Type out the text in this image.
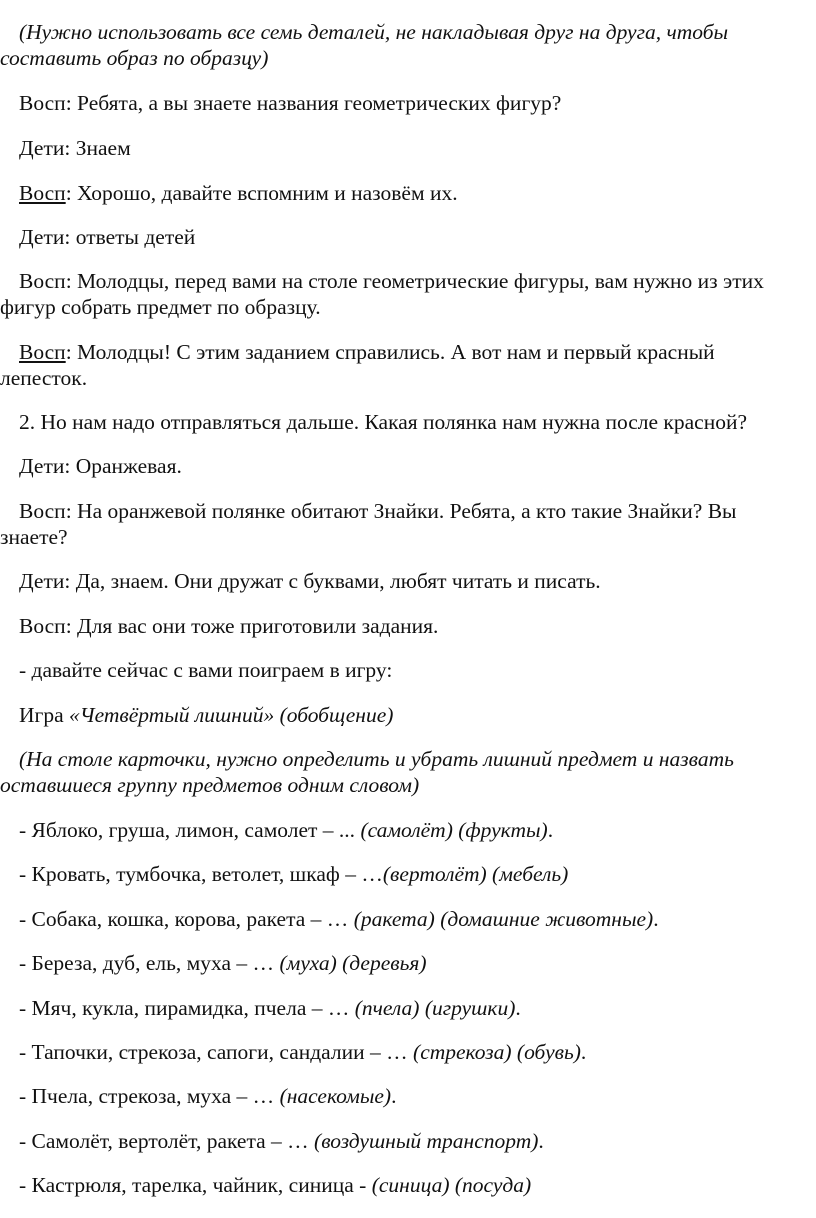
(Нужно использовать все семь деталей, не накладывая друг на друга, чтобы
составить образ по образцу)

Восп: Ребята, а вы знаете названия геометрических фигур?

Дети: Знаем

Восп: Хорошо, давайте вспомним и назовём их.

Дети: ответы детей

Восп: Молодцы, перед вами на столе геометрические фигуры, вам нужно из этих
фигур собрать предмет по образцу.

Восп: Молодцы! С этим заданием справились. А вот нам и первый красный
лепесток.

2. Но нам надо отправляться дальше. Какая полянка нам нужна после красной?

Дети: Оранжевая.

Восп: На оранжевой полянке обитают Знайки. Ребята, а кто такие Знайки? Вы
знаете?

Дети: Да, знаем. Они дружат с буквами, любят читать и писать.

Восп: Для вас они тоже приготовили задания.

- давайте сейчас с вами поиграем в игру:

Игра «Четвёртый лишний» (обобщение)

(На столе карточки, нужно определить и убрать лишний предмет и назвать
оставшиеся группу предметов одним словом)

- Яблоко, груша, лимон, самолет – ... (самолёт) (фрукты).

- Кровать, тумбочка, ветолет, шкаф – …(вертолёт) (мебель)

- Собака, кошка, корова, ракета – … (ракета) (домашние животные).

- Береза, дуб, ель, муха – … (муха) (деревья)

- Мяч, кукла, пирамидка, пчела – … (пчела) (игрушки).

- Тапочки, стрекоза, сапоги, сандалии – … (стрекоза) (обувь).

- Пчела, стрекоза, муха – … (насекомые).

- Самолёт, вертолёт, ракета – … (воздушный транспорт).

- Кастрюля, тарелка, чайник, синица - (синица) (посуда)
